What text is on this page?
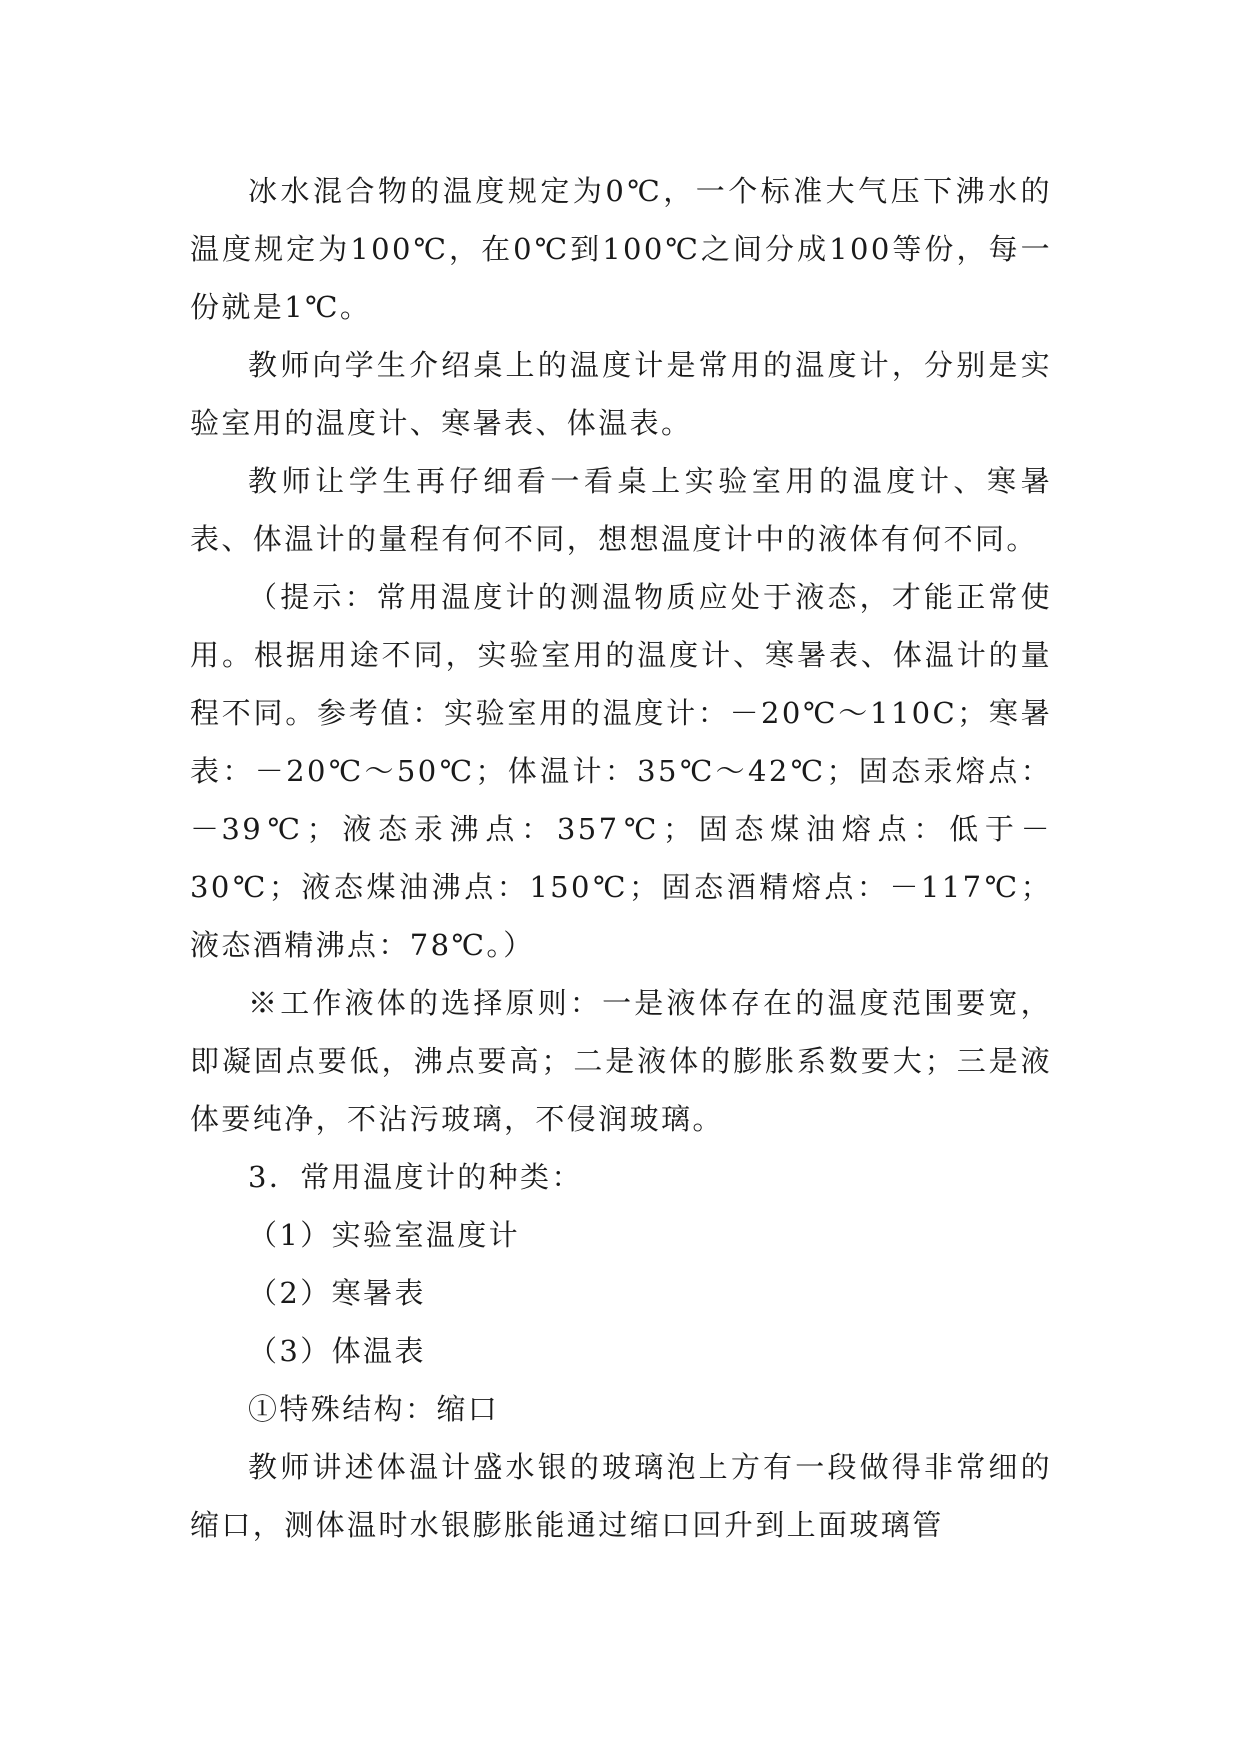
冰水混合物的温度规定为0℃，一个标准大气压下沸水的温度规定为100℃，在0℃到100℃之间分成100等份，每一份就是1℃。

教师向学生介绍桌上的温度计是常用的温度计，分别是实验室用的温度计、寒暑表、体温表。

教师让学生再仔细看一看桌上实验室用的温度计、寒暑表、体温计的量程有何不同，想想温度计中的液体有何不同。

（提示：常用温度计的测温物质应处于液态，才能正常使用。根据用途不同，实验室用的温度计、寒暑表、体温计的量程不同。参考值：实验室用的温度计：－20℃～110C；寒暑表：－20℃～50℃；体温计：35℃～42℃；固态汞熔点：－39℃；液态汞沸点：357℃；固态煤油熔点：低于－30℃；液态煤油沸点：150℃；固态酒精熔点：－117℃；液态酒精沸点：78℃。）

※工作液体的选择原则：一是液体存在的温度范围要宽，即凝固点要低，沸点要高；二是液体的膨胀系数要大；三是液体要纯净，不沾污玻璃，不侵润玻璃。

3．常用温度计的种类：

（1）实验室温度计

（2）寒暑表

（3）体温表

①特殊结构：缩口

教师讲述体温计盛水银的玻璃泡上方有一段做得非常细的缩口，测体温时水银膨胀能通过缩口回升到上面玻璃管
